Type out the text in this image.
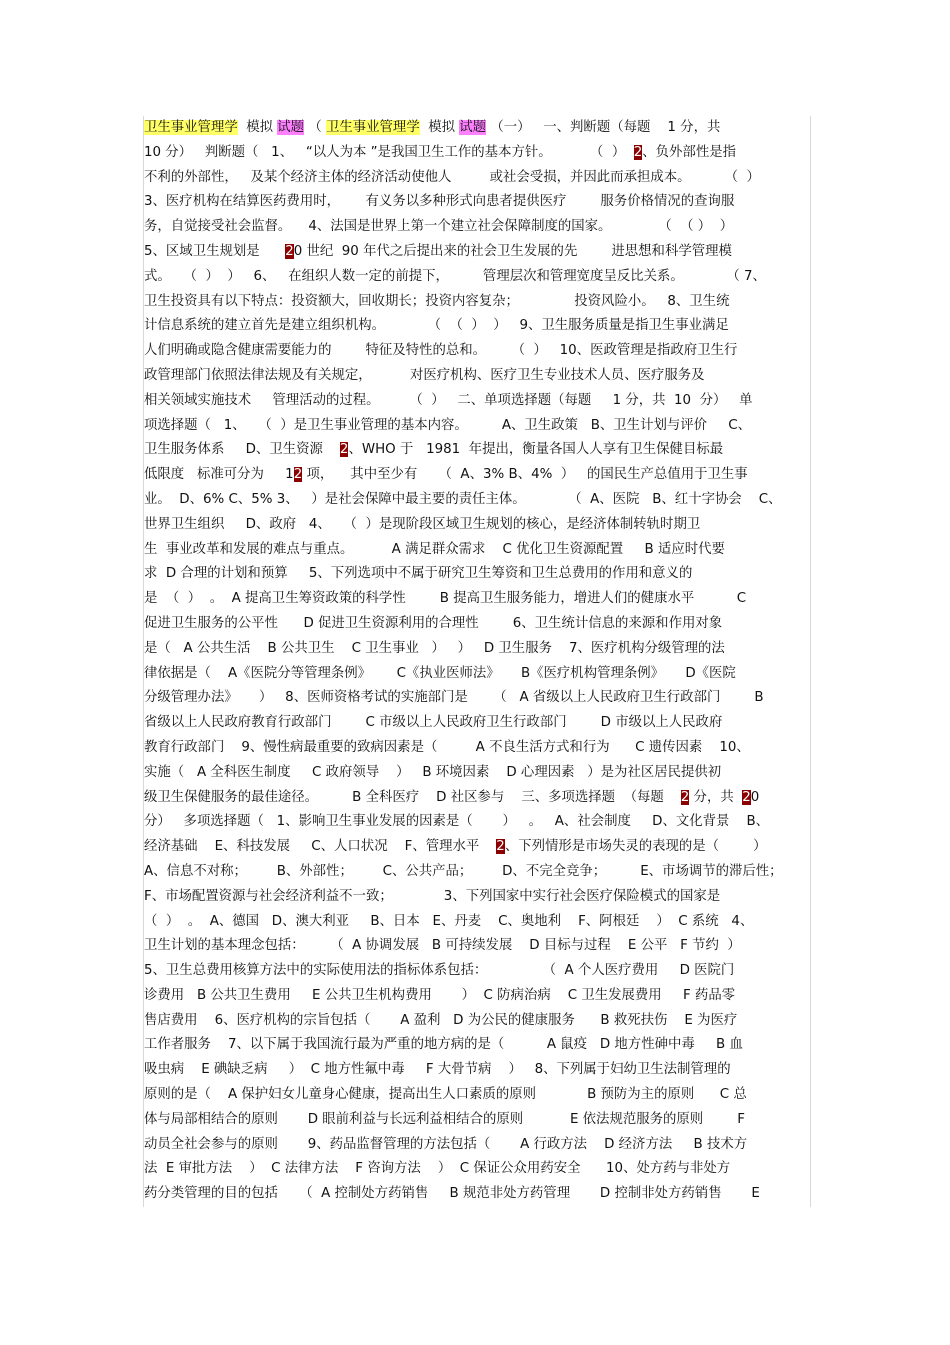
卫生事业管理学  模拟 试题 （ 卫生事业管理学  模拟 试题 （一）   一、判断题（每题    1 分，共
10 分）   判断题（   1、   “以人为本 ”是我国卫生工作的基本方针。         （  ）  2、负外部性是指
不利的外部性，   及某个经济主体的经济活动使他人         或社会受损，并因此而承担成本。        （  ）
3、医疗机构在结算医药费用时，      有义务以多种形式向患者提供医疗        服务价格情况的查询服
务，自觉接受社会监督。    4、法国是世界上第一个建立社会保障制度的国家。           （  （ ）  ）
5、区域卫生规划是      20 世纪  90 年代之后提出来的社会卫生发展的先        进思想和科学管理模
式。   （  ）  ）   6、   在组织人数一定的前提下，        管理层次和管理宽度呈反比关系。          （ 7、
卫生投资具有以下特点：投资额大，回收期长；投资内容复杂；             投资风险小。   8、卫生统
计信息系统的建立首先是建立组织机构。          （  （  ）  ）   9、卫生服务质量是指卫生事业满足
人们明确或隐含健康需要能力的        特征及特性的总和。      （  ）   10、医政管理是指政府卫生行
政管理部门依照法律法规及有关规定，         对医疗机构、医疗卫生专业技术人员、医疗服务及
相关领域实施技术     管理活动的过程。       （  ）   二、单项选择题（每题     1 分，共  10  分）   单
项选择题（   1、   （  ）是卫生事业管理的基本内容。        A、卫生政策   B、卫生计划与评价     C、
卫生服务体系     D、卫生资源    2、WHO 于   1981  年提出，衡量各国人人享有卫生保健目标最
低限度   标准可分为     12 项，    其中至少有     （  A、3% B、4%  ）   的国民生产总值用于卫生事
业。  D、6% C、5% 3、   ）是社会保障中最主要的责任主体。          （  A、医院   B、红十字协会    C、
世界卫生组织     D、政府   4、   （  ）是现阶段区域卫生规划的核心，是经济体制转轨时期卫
生  事业改革和发展的难点与重点。         A 满足群众需求    C 优化卫生资源配置     B 适应时代要
求  D 合理的计划和预算     5、下列选项中不属于研究卫生筹资和卫生总费用的作用和意义的
是  （  ）  。  A 提高卫生筹资政策的科学性        B 提高卫生服务能力，增进人们的健康水平          C
促进卫生服务的公平性      D 促进卫生资源利用的合理性        6、卫生统计信息的来源和作用对象
是（   A 公共生活    B 公共卫生    C 卫生事业   ）   ）   D 卫生服务    7、医疗机构分级管理的法
律依据是（    A《医院分等管理条例》      C《执业医师法》     B《医疗机构管理条例》     D《医院
分级管理办法》     ）   8、医师资格考试的实施部门是      （   A 省级以上人民政府卫生行政部门        B
省级以上人民政府教育行政部门        C 市级以上人民政府卫生行政部门        D 市级以上人民政府
教育行政部门    9、慢性病最重要的致病因素是（         A 不良生活方式和行为      C 遗传因素    10、
实施（   A 全科医生制度     C 政府领导    ）   B 环境因素    D 心理因素   ）是为社区居民提供初
级卫生保健服务的最佳途径。        B 全科医疗    D 社区参与    三、多项选择题  （每题    2 分，共  20
分）   多项选择题（   1、影响卫生事业发展的因素是（       ）   。   A、社会制度     D、文化背景    B、
经济基础    E、科技发展     C、人口状况    F、管理水平    2、下列情形是市场失灵的表现的是（        ）
A、信息不对称；       B、外部性；       C、公共产品；       D、不完全竞争；        E、市场调节的滞后性；
F、市场配置资源与社会经济利益不一致；            3、下列国家中实行社会医疗保险模式的国家是
（  ）  。  A、德国   D、澳大利亚     B、日本   E、丹麦    C、奥地利    F、阿根廷    ）  C 系统   4、
卫生计划的基本理念包括：      （  A 协调发展   B 可持续发展    D 目标与过程    E 公平   F 节约  ）
5、卫生总费用核算方法中的实际使用法的指标体系包括：             （  A 个人医疗费用     D 医院门
诊费用   B 公共卫生费用     E 公共卫生机构费用       ）  C 防病治病    C 卫生发展费用     F 药品零
售店费用    6、医疗机构的宗旨包括（       A 盈利   D 为公民的健康服务      B 救死扶伤    E 为医疗
工作者服务    7、以下属于我国流行最为严重的地方病的是（          A 鼠疫   D 地方性砷中毒     B 血
吸虫病    E 碘缺乏病     ）  C 地方性氟中毒     F 大骨节病    ）   8、下列属于妇幼卫生法制管理的
原则的是（    A 保护妇女儿童身心健康，提高出生人口素质的原则            B 预防为主的原则      C 总
体与局部相结合的原则       D 眼前利益与长远利益相结合的原则           E 依法规范服务的原则        F
动员全社会参与的原则       9、药品监督管理的方法包括（       A 行政方法    D 经济方法     B 技术方
法  E 审批方法    ）  C 法律方法    F 咨询方法    ）  C 保证公众用药安全      10、处方药与非处方
药分类管理的目的包括     （  A 控制处方药销售     B 规范非处方药管理       D 控制非处方药销售       E
